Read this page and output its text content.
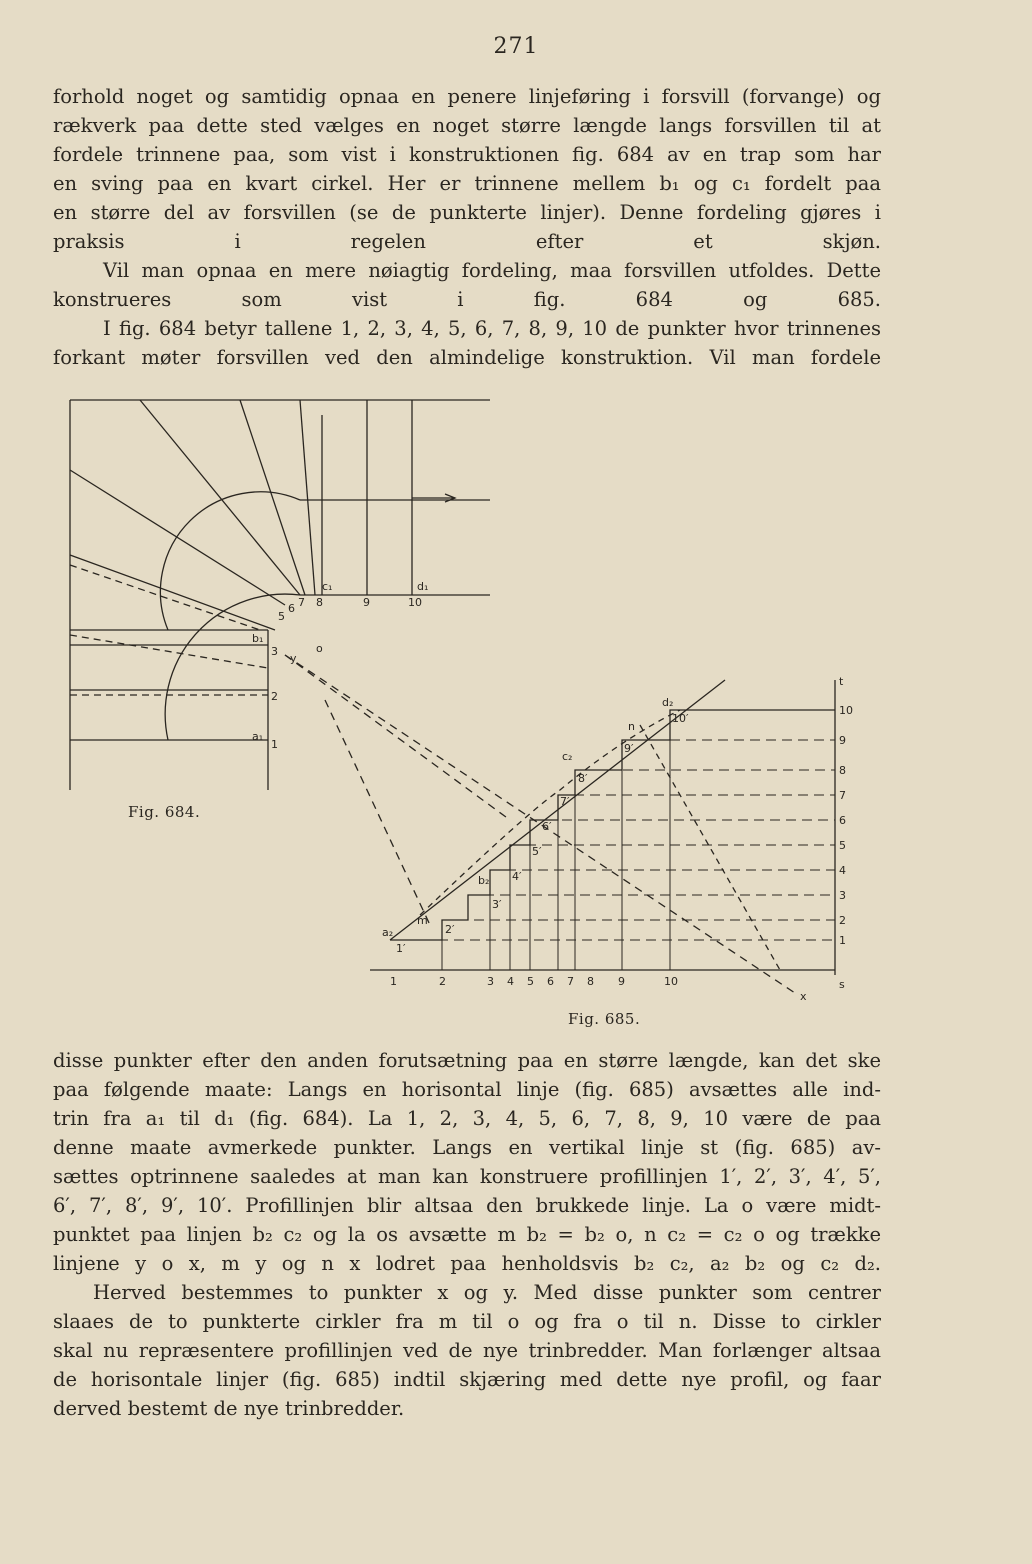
271
forhold noget og samtidig opnaa en penere linjeføring i forsvill (forvange) og
rækverk paa dette sted vælges en noget større længde langs forsvillen til at
fordele trinnene paa, som vist i konstruktionen fig. 684 av en trap som har
en sving paa en kvart cirkel. Her er trinnene mellem b₁ og c₁ fordelt paa
en større del av forsvillen (se de punkterte linjer). Denne fordeling gjøres i
praksis i regelen efter et skjøn.
Vil man opnaa en mere nøiagtig fordeling, maa forsvillen utfoldes. Dette
konstrueres som vist i fig. 684 og 685.
I fig. 684 betyr tallene 1, 2, 3, 4, 5, 6, 7, 8, 9, 10 de punkter hvor trinnenes
forkant møter forsvillen ved den almindelige konstruktion. Vil man fordele
c₁	d₁
b₁
a₁
5
6 7 8	9	10
3
2
1
o
y
a₂
b₂
c₂
d₂
m
n
x
s
t
1	2	3 4 5 6 7 8 9	10
10
9
8
7
6
5
4
3
2
1
1′
2′
3′
4′
5′
6′
7′
8′
9′
10′
Fig. 684.
Fig. 685.
disse punkter efter den anden forutsætning paa en større længde, kan det ske
paa følgende maate: Langs en horisontal linje (fig. 685) avsættes alle ind-
trin fra a₁ til d₁ (fig. 684). La 1, 2, 3, 4, 5, 6, 7, 8, 9, 10 være de paa
denne maate avmerkede punkter. Langs en vertikal linje st (fig. 685) av-
sættes optrinnene saaledes at man kan konstruere profillinjen 1′, 2′, 3′, 4′, 5′,
6′, 7′, 8′, 9′, 10′. Profillinjen blir altsaa den brukkede linje. La o være midt-
punktet paa linjen b₂ c₂ og la os avsætte m b₂ = b₂ o, n c₂ = c₂ o og trække
linjene y o x, m y og n x lodret paa henholdsvis b₂ c₂, a₂ b₂ og c₂ d₂.
Herved bestemmes to punkter x og y. Med disse punkter som centrer
slaaes de to punkterte cirkler fra m til o og fra o til n. Disse to cirkler
skal nu repræsentere profillinjen ved de nye trinbredder. Man forlænger altsaa
de horisontale linjer (fig. 685) indtil skjæring med dette nye profil, og faar
derved bestemt de nye trinbredder.
